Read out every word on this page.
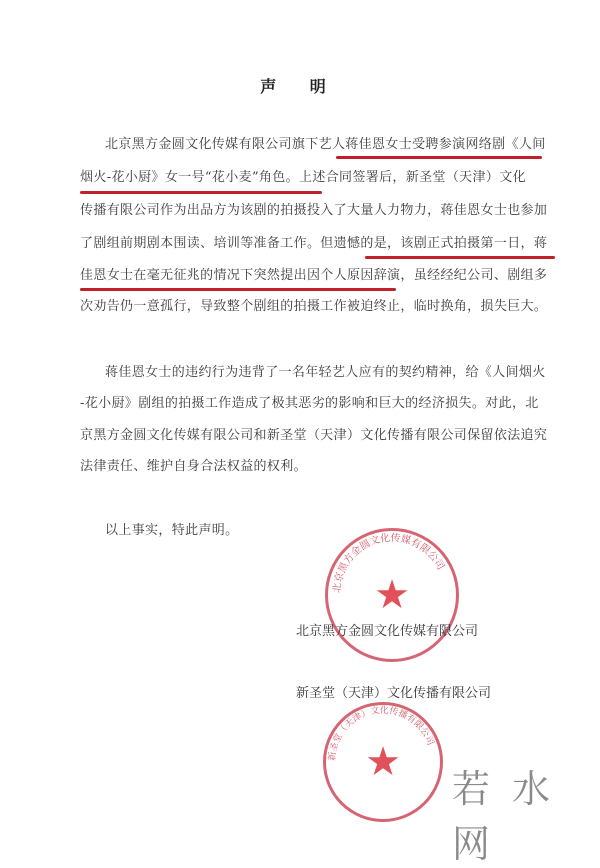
声 明
北京黑方金圆文化传媒有限公司旗下艺人蒋佳恩女士受聘参演网络剧《人间
烟火-花小厨》女一号“花小麦”角色。上述合同签署后，新圣堂（天津）文化
传播有限公司作为出品方为该剧的拍摄投入了大量人力物力，蒋佳恩女士也参加
了剧组前期剧本围读、培训等准备工作。但遗憾的是，该剧正式拍摄第一日，蒋
佳恩女士在毫无征兆的情况下突然提出因个人原因辞演，虽经经纪公司、剧组多
次劝告仍一意孤行，导致整个剧组的拍摄工作被迫终止，临时换角，损失巨大。
蒋佳恩女士的违约行为违背了一名年轻艺人应有的契约精神，给《人间烟火
-花小厨》剧组的拍摄工作造成了极其恶劣的影响和巨大的经济损失。对此，北
京黑方金圆文化传媒有限公司和新圣堂（天津）文化传播有限公司保留依法追究
法律责任、维护自身合法权益的权利。
以上事实，特此声明。
北京黑方金圆文化传媒有限公司
★
新圣堂（天津）文化传播有限公司
★
北京黑方金圆文化传媒有限公司
新圣堂（天津）文化传播有限公司
若水网
